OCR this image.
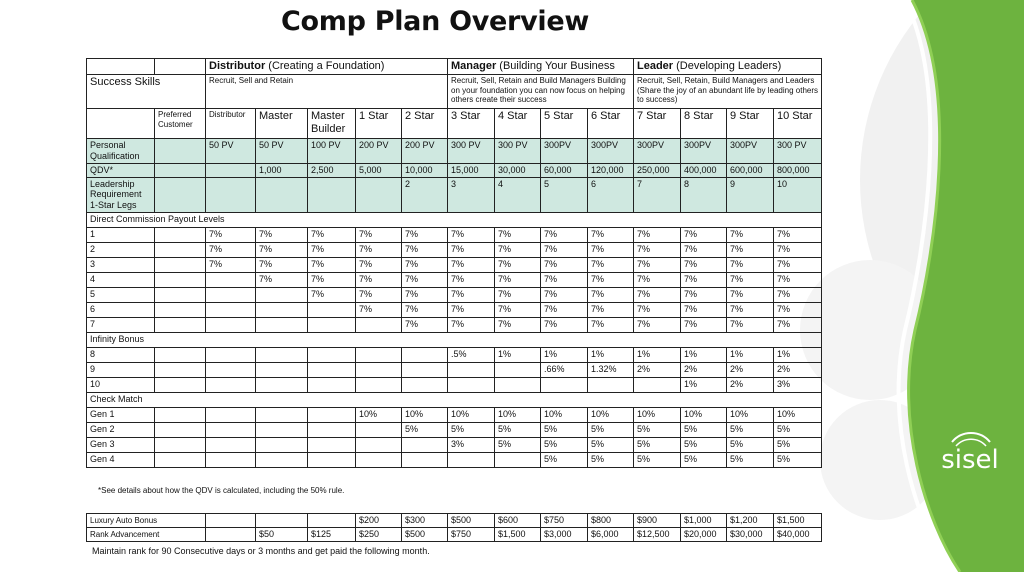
Comp Plan Overview
		Distributor (Creating a Foundation)					Manager (Building Your Business				Leader (Developing Leaders)			
Success Skills		Recruit, Sell and Retain					Recruit, Sell, Retain and Build Managers Building on your foundation you can now focus on helping others create their success				Recruit, Sell, Retain, Build Managers and Leaders (Share the joy of an abundant life by leading others to success)			
	Preferred Customer	Distributor	Master	Master Builder	1 Star	2 Star	3 Star	4 Star	5 Star	6 Star	7 Star	8 Star	9 Star	10 Star
Personal Qualification		50 PV	50 PV	100 PV	200 PV	200 PV	300 PV	300 PV	300PV	300PV	300PV	300PV	300PV	300 PV
QDV*			1,000	2,500	5,000	10,000	15,000	30,000	60,000	120,000	250,000	400,000	600,000	800,000
Leadership Requirement 1-Star Legs						2	3	4	5	6	7	8	9	10
Direct Commission Payout Levels														
1		7%	7%	7%	7%	7%	7%	7%	7%	7%	7%	7%	7%	7%
2		7%	7%	7%	7%	7%	7%	7%	7%	7%	7%	7%	7%	7%
3		7%	7%	7%	7%	7%	7%	7%	7%	7%	7%	7%	7%	7%
4			7%	7%	7%	7%	7%	7%	7%	7%	7%	7%	7%	7%
5				7%	7%	7%	7%	7%	7%	7%	7%	7%	7%	7%
6					7%	7%	7%	7%	7%	7%	7%	7%	7%	7%
7						7%	7%	7%	7%	7%	7%	7%	7%	7%
Infinity Bonus														
8							.5%	1%	1%	1%	1%	1%	1%	1%
9									.66%	1.32%	2%	2%	2%	2%
10												1%	2%	3%
Check Match														
Gen 1					10%	10%	10%	10%	10%	10%	10%	10%	10%	10%
Gen 2						5%	5%	5%	5%	5%	5%	5%	5%	5%
Gen 3							3%	5%	5%	5%	5%	5%	5%	5%
Gen 4									5%	5%	5%	5%	5%	5%
*See details about how the QDV is calculated, including the 50% rule.
Luxury Auto Bonus				$200	$300	$500	$600	$750	$800	$900	$1,000	$1,200	$1,500
Rank Advancement		$50	$125	$250	$500	$750	$1,500	$3,000	$6,000	$12,500	$20,000	$30,000	$40,000
Maintain rank for 90 Consecutive days or 3 months and get paid the following month.
sisel
